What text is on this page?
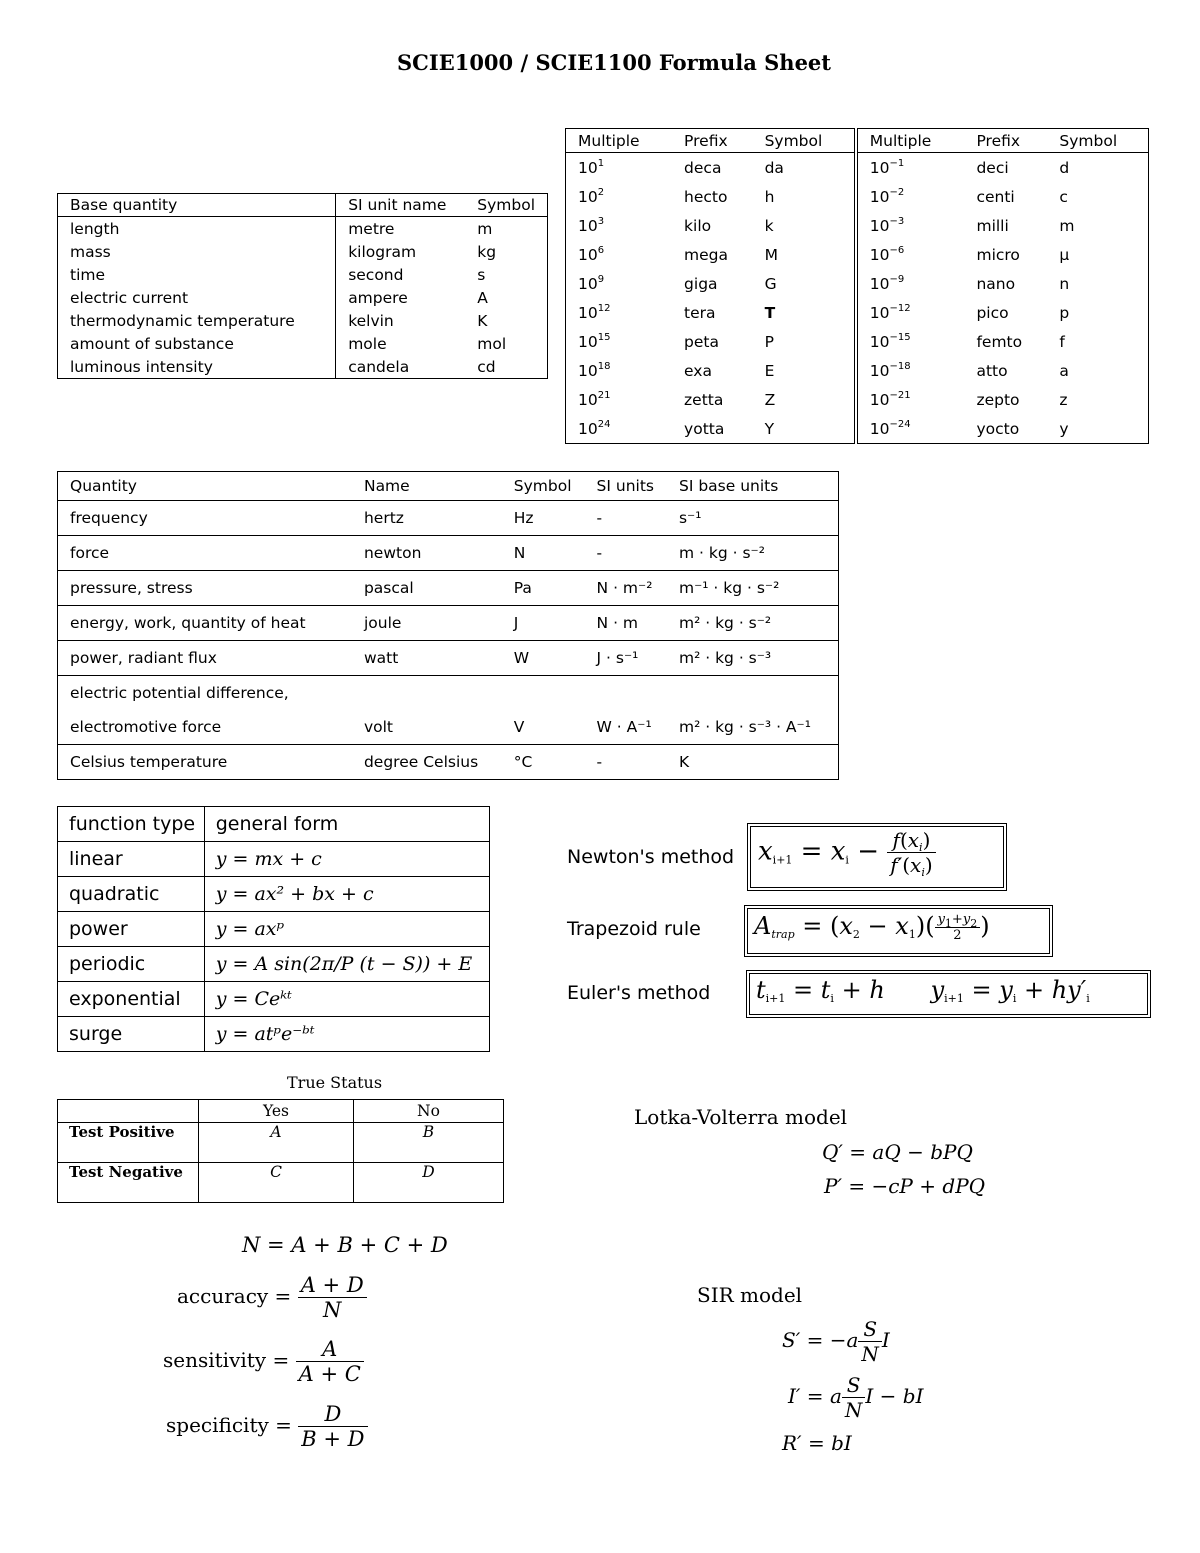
SCIE1000 / SCIE1100 Formula Sheet
Base quantity	SI unit name	Symbol
length	metre	m
mass	kilogram	kg
time	second	s
electric current	ampere	A
thermodynamic temperature	kelvin	K
amount of substance	mole	mol
luminous intensity	candela	cd
Multiple	Prefix	Symbol	Multiple	Prefix	Symbol
$10^1$	deca	da	$10^{-1}$	deci	d
$10^2$	hecto	h	$10^{-2}$	centi	c
$10^3$	kilo	k	$10^{-3}$	milli	m
$10^6$	mega	M	$10^{-6}$	micro	μ
$10^9$	giga	G	$10^{-9}$	nano	n
$10^{12}$	tera	T	$10^{-12}$	pico	p
$10^{15}$	peta	P	$10^{-15}$	femto	f
$10^{18}$	exa	E	$10^{-18}$	atto	a
$10^{21}$	zetta	Z	$10^{-21}$	zepto	z
$10^{24}$	yotta	Y	$10^{-24}$	yocto	y
Quantity	Name	Symbol	SI units	SI base units
frequency	hertz	Hz	-	s⁻¹
force	newton	N	-	m · kg · s⁻²
pressure, stress	pascal	Pa	N · m⁻²	m⁻¹ · kg · s⁻²
energy, work, quantity of heat	joule	J	N · m	m² · kg · s⁻²
power, radiant flux	watt	W	J · s⁻¹	m² · kg · s⁻³
electric potential difference,				
electromotive force	volt	V	W · A⁻¹	m² · kg · s⁻³ · A⁻¹
Celsius temperature	degree Celsius	°C	-	K
function type	general form
linear	y = mx + c
quadratic	y = ax² + bx + c
power	y = axᵖ
periodic	y = A sin(2π/P (t − S)) + E
exponential	y = Ceᵏᵗ
surge	y = atᵖe⁻ᵇᵗ
Newton's method $x_{i+1} = x_i - \frac{f(x_i)}{f'(x_i)}$
Trapezoid rule $A_{trap} = (x_2 - x_1)( \frac{y_1+y_2}{2}$ )
Euler's method $t_{i+1} = t_i + h$ $y_{i+1} = y_i + hy'_i$
True Status
	Yes	No
Test Positive	A	B
Test Negative	C	D
N = A + B + C + D
accuracy = $\frac{A + D}{N}$
sensitivity = $\frac{A}{A + C}$
specificity = $\frac{D}{B + D}$
Lotka-Volterra model
Q′ = aQ − bPQ
P′ = −cP + dPQ
SIR model
$S' = -a \frac{S}{N}$ I
I′ = a $\frac{S}{N}$ I − bI
R′ = bI
